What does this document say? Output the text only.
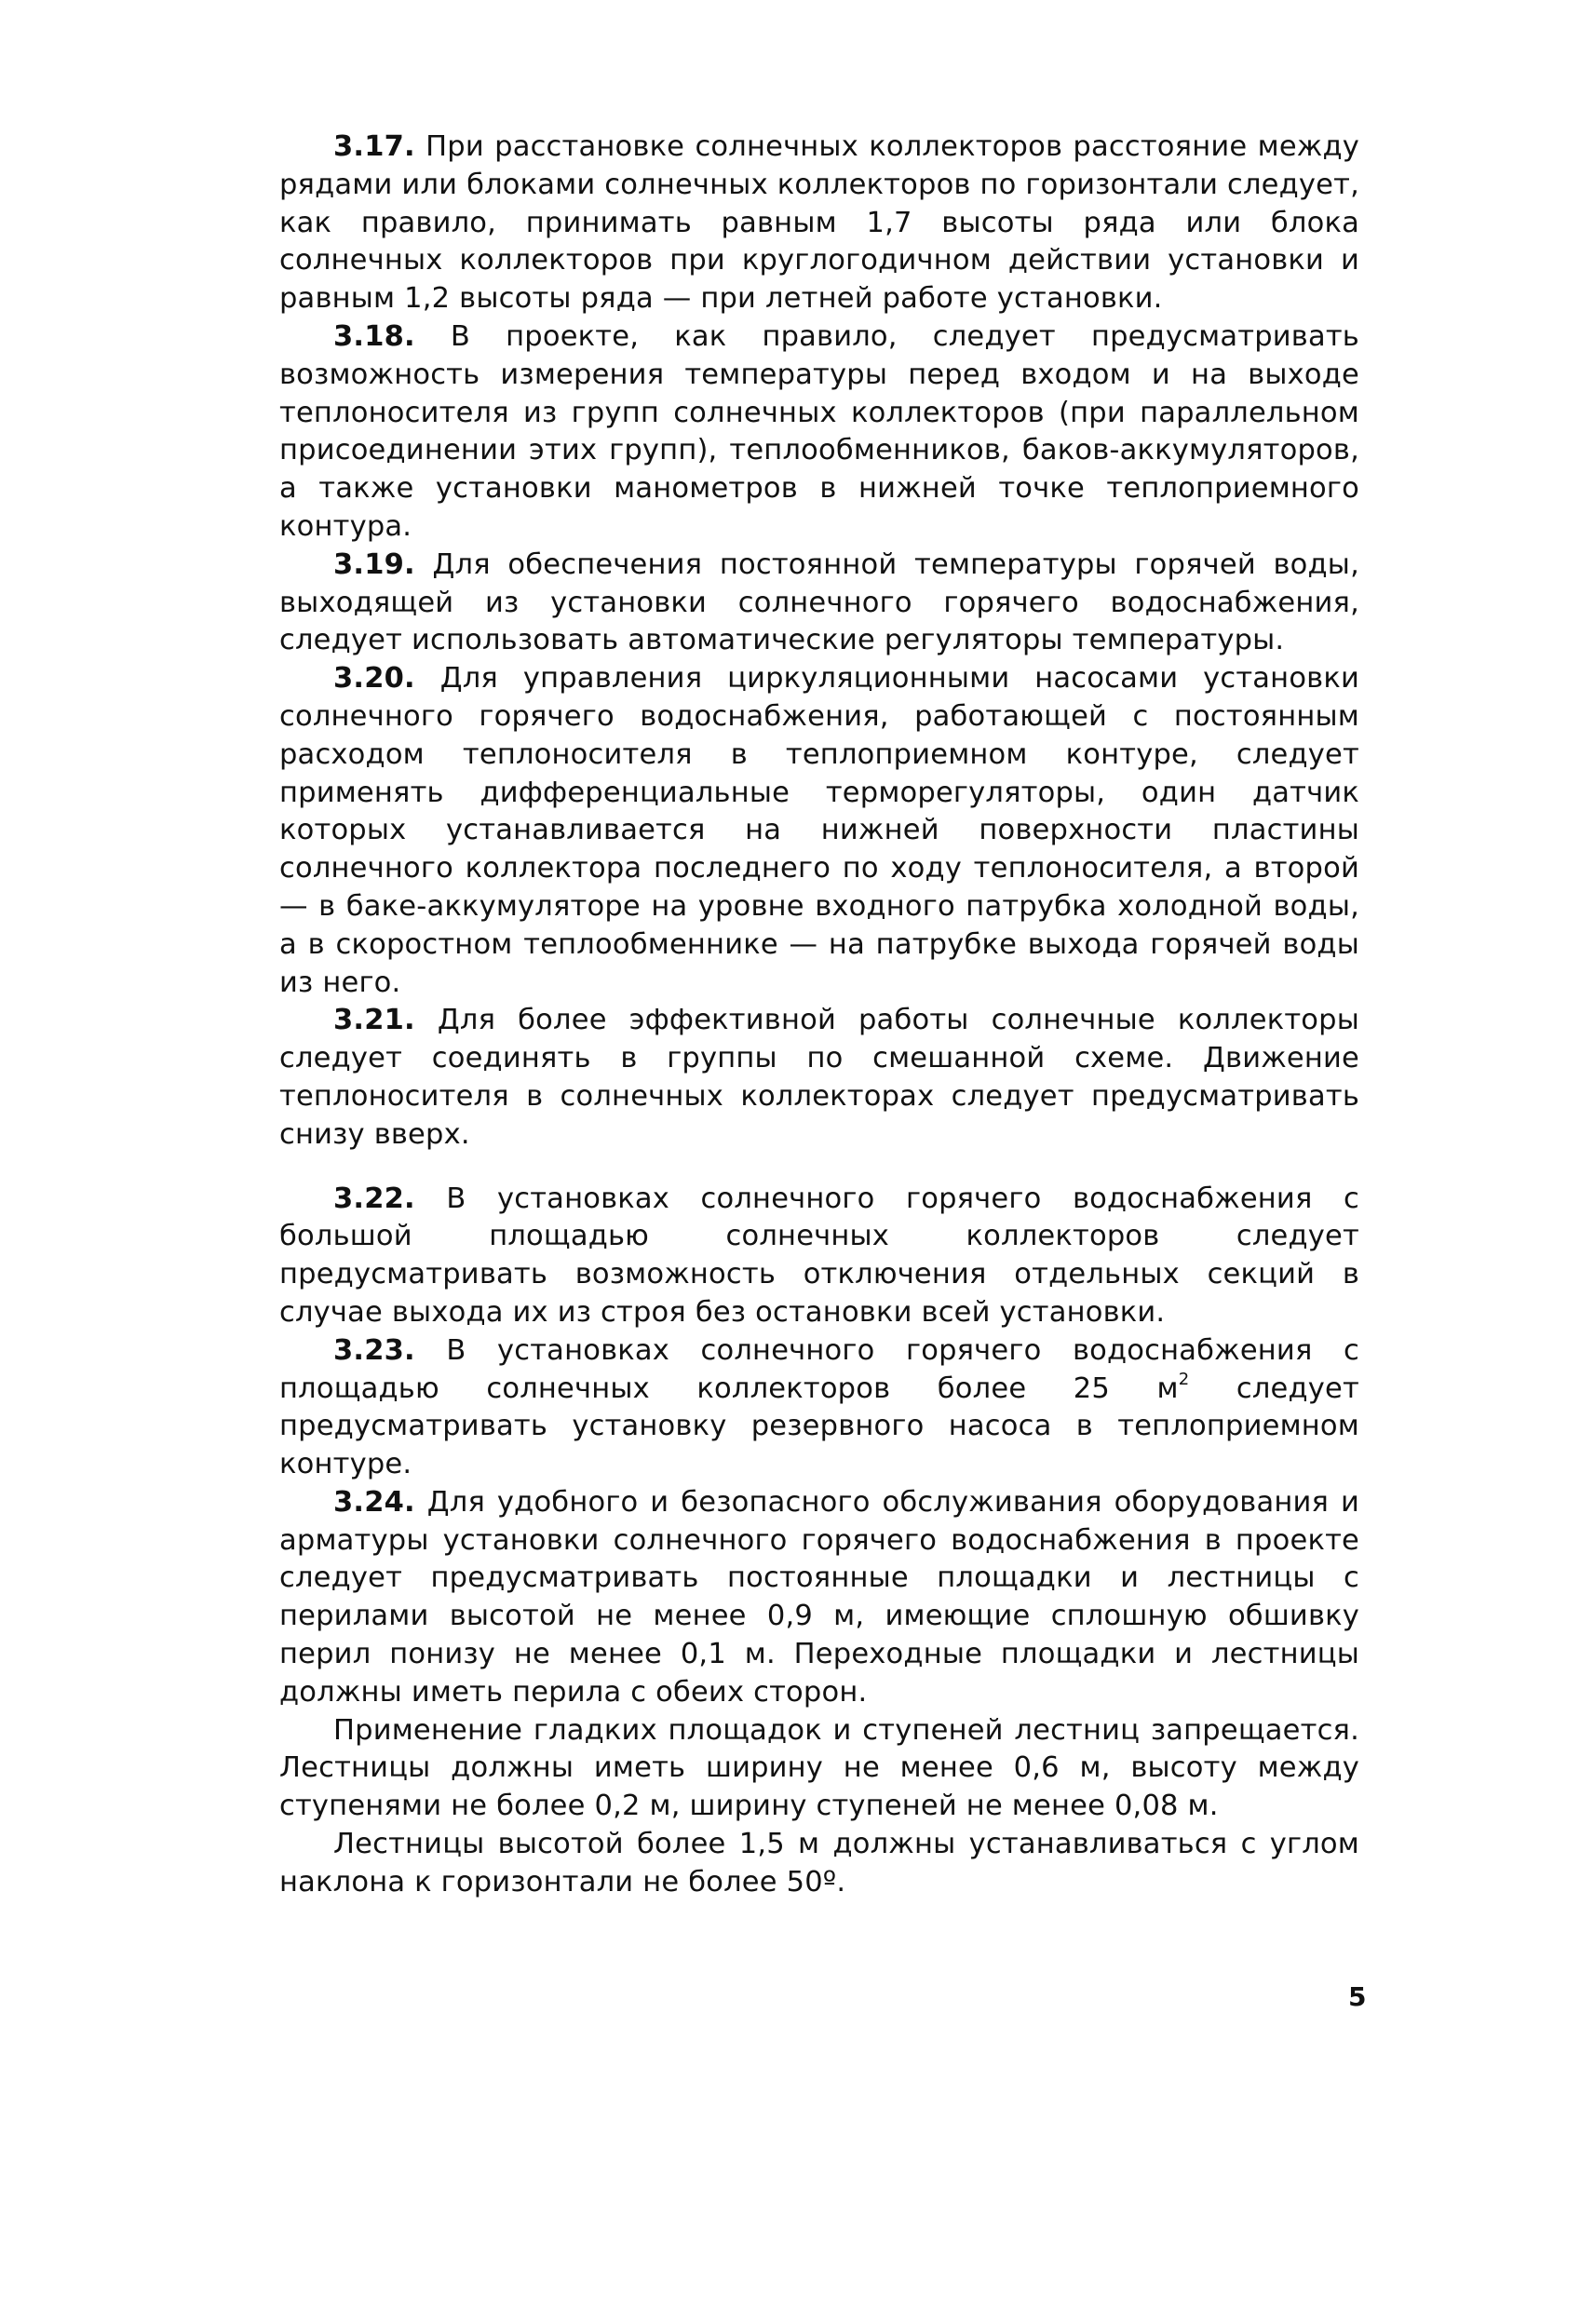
3.17. При расстановке солнечных коллекторов расстояние между рядами или блоками солнечных коллекторов по горизонтали следует, как правило, принимать равным 1,7 высоты ряда или блока солнечных коллекторов при круглогодичном действии установки и равным 1,2 высоты ряда — при летней работе установки.

3.18. В проекте, как правило, следует предусматривать возможность измерения температуры перед входом и на выходе теплоносителя из групп солнечных коллекторов (при параллельном присоединении этих групп), теплообменников, баков-аккумуляторов, а также установки манометров в нижней точке теплоприемного контура.

3.19. Для обеспечения постоянной температуры горячей воды, выходящей из установки солнечного горячего водоснабжения, следует использовать автоматические регуляторы температуры.

3.20. Для управления циркуляционными насосами установки солнечного горячего водоснабжения, работающей с постоянным расходом теплоносителя в теплоприемном контуре, следует применять дифференциальные терморегуляторы, один датчик которых устанавливается на нижней поверхности пластины солнечного коллектора последнего по ходу теплоносителя, а второй — в баке-аккумуляторе на уровне входного патрубка холодной воды, а в скоростном теплообменнике — на патрубке выхода горячей воды из него.

3.21. Для более эффективной работы солнечные коллекторы следует соединять в группы по смешанной схеме. Движение теплоносителя в солнечных коллекторах следует предусматривать снизу вверх.

3.22. В установках солнечного горячего водоснабжения с большой площадью солнечных коллекторов следует предусматривать возможность отключения отдельных секций в случае выхода их из строя без остановки всей установки.

3.23. В установках солнечного горячего водоснабжения с площадью солнечных коллекторов более 25 $м^2$ следует предусматривать установку резервного насоса в теплоприемном контуре.

3.24. Для удобного и безопасного обслуживания оборудования и арматуры установки солнечного горячего водоснабжения в проекте следует предусматривать постоянные площадки и лестницы с перилами высотой не менее 0,9 м, имеющие сплошную обшивку перил понизу не менее 0,1 м. Переходные площадки и лестницы должны иметь перила с обеих сторон.

Применение гладких площадок и ступеней лестниц запрещается. Лестницы должны иметь ширину не менее 0,6 м, высоту между ступенями не более 0,2 м, ширину ступеней не менее 0,08 м.

Лестницы высотой более 1,5 м должны устанавливаться с углом наклона к горизонтали не более 50º.

5
